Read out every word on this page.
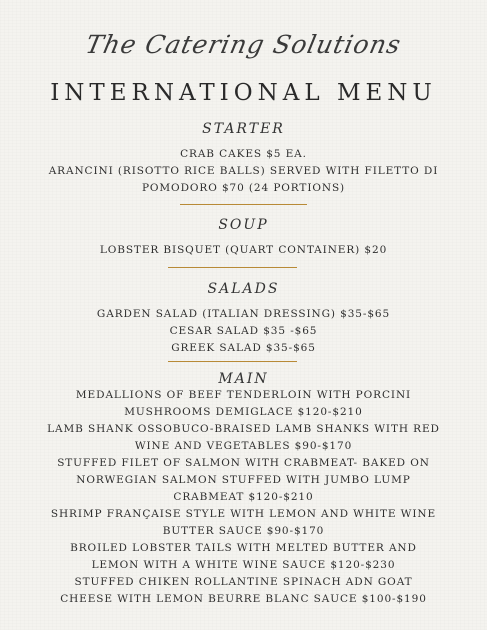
The Catering Solutions
INTERNATIONAL MENU
STARTER
CRAB CAKES $5 EA.
ARANCINI (RISOTTO RICE BALLS) SERVED WITH FILETTO DI
POMODORO $70 (24 PORTIONS)
SOUP
LOBSTER BISQUET (QUART CONTAINER) $20
SALADS
GARDEN SALAD (ITALIAN DRESSING) $35-$65
CESAR SALAD $35 -$65
GREEK SALAD $35-$65
MAIN
MEDALLIONS OF BEEF TENDERLOIN WITH PORCINI
MUSHROOMS DEMIGLACE $120-$210
LAMB SHANK OSSOBUCO-BRAISED LAMB SHANKS WITH RED
WINE AND VEGETABLES $90-$170
STUFFED FILET OF SALMON WITH CRABMEAT- BAKED ON
NORWEGIAN SALMON STUFFED WITH JUMBO LUMP
CRABMEAT $120-$210
SHRIMP FRANÇAISE STYLE WITH LEMON AND WHITE WINE
BUTTER SAUCE $90-$170
BROILED LOBSTER TAILS WITH MELTED BUTTER AND
LEMON WITH A WHITE WINE SAUCE $120-$230
STUFFED CHIKEN ROLLANTINE SPINACH ADN GOAT
CHEESE WITH LEMON BEURRE BLANC SAUCE $100-$190
